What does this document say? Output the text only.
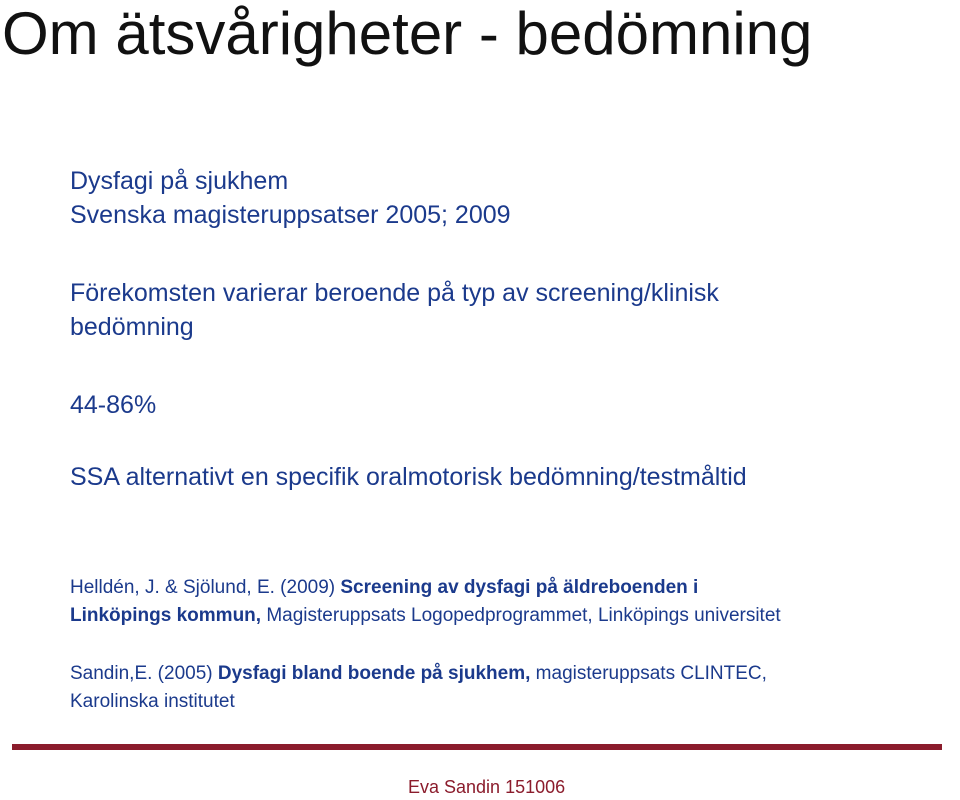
Om ätsvårigheter - bedömning
Dysfagi på sjukhem
Svenska magisteruppsatser 2005; 2009
Förekomsten varierar beroende på typ av screening/klinisk
bedömning
44-86%
SSA alternativt en specifik oralmotorisk bedömning/testmåltid
Helldén, J. & Sjölund, E. (2009) Screening av dysfagi på äldreboenden i
Linköpings kommun, Magisteruppsats Logopedprogrammet, Linköpings universitet
Sandin,E. (2005) Dysfagi bland boende på sjukhem, magisteruppsats CLINTEC,
Karolinska institutet
Eva Sandin 151006
